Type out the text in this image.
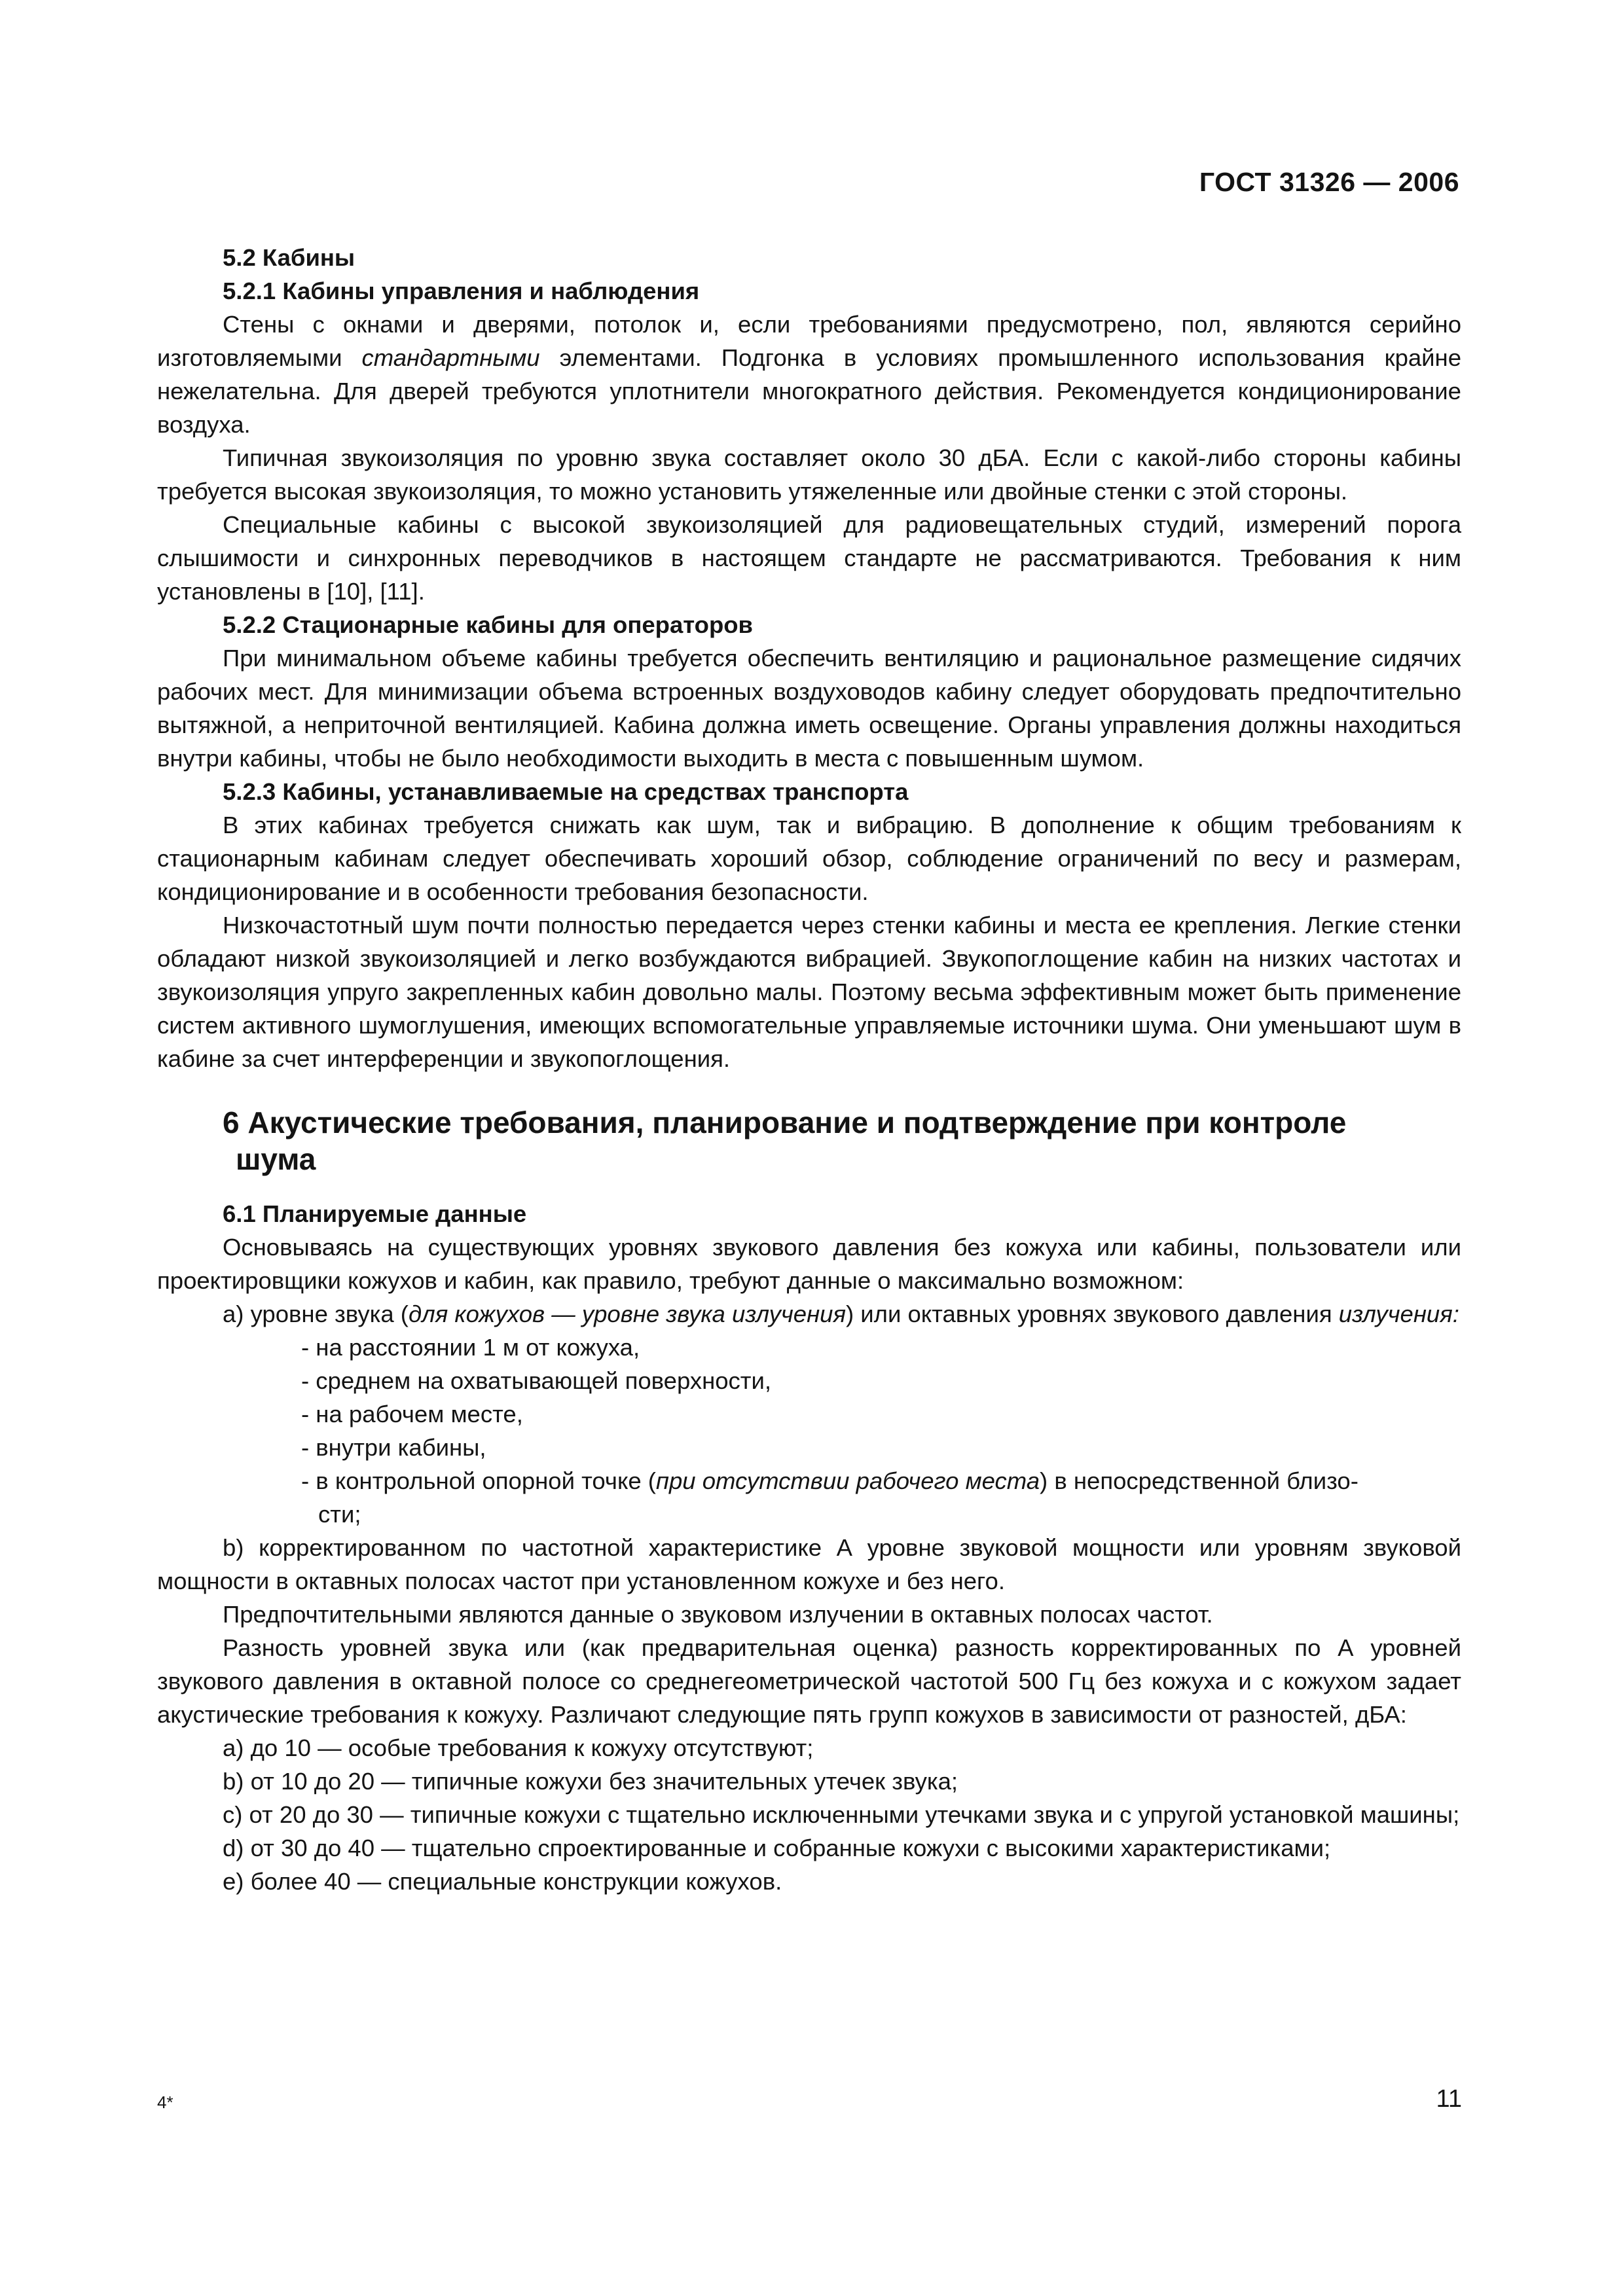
ГОСТ 31326 — 2006
5.2 Кабины
5.2.1 Кабины управления и наблюдения
Стены с окнами и дверями, потолок и, если требованиями предусмотрено, пол, являются серийно изготовляемыми стандартными элементами. Подгонка в условиях промышленного использования крайне нежелательна. Для дверей требуются уплотнители многократного действия. Рекомендуется кондиционирование воздуха.
Типичная звукоизоляция по уровню звука составляет около 30 дБА. Если с какой-либо стороны кабины требуется высокая звукоизоляция, то можно установить утяжеленные или двойные стенки с этой стороны.
Специальные кабины с высокой звукоизоляцией для радиовещательных студий, измерений порога слышимости и синхронных переводчиков в настоящем стандарте не рассматриваются. Требования к ним установлены в [10], [11].
5.2.2 Стационарные кабины для операторов
При минимальном объеме кабины требуется обеспечить вентиляцию и рациональное размещение сидячих рабочих мест. Для минимизации объема встроенных воздуховодов кабину следует оборудовать предпочтительно вытяжной, а неприточной вентиляцией. Кабина должна иметь освещение. Органы управления должны находиться внутри кабины, чтобы не было необходимости выходить в места с повышенным шумом.
5.2.3 Кабины, устанавливаемые на средствах транспорта
В этих кабинах требуется снижать как шум, так и вибрацию. В дополнение к общим требованиям к стационарным кабинам следует обеспечивать хороший обзор, соблюдение ограничений по весу и размерам, кондиционирование и в особенности требования безопасности.
Низкочастотный шум почти полностью передается через стенки кабины и места ее крепления. Легкие стенки обладают низкой звукоизоляцией и легко возбуждаются вибрацией. Звукопоглощение кабин на низких частотах и звукоизоляция упруго закрепленных кабин довольно малы. Поэтому весьма эффективным может быть применение систем активного шумоглушения, имеющих вспомогательные управляемые источники шума. Они уменьшают шум в кабине за счет интерференции и звукопоглощения.
6 Акустические требования, планирование и подтверждение при контроле
шума
6.1 Планируемые данные
Основываясь на существующих уровнях звукового давления без кожуха или кабины, пользователи или проектировщики кожухов и кабин, как правило, требуют данные о максимально возможном:
а) уровне звука (для кожухов — уровне звука излучения) или октавных уровнях звукового давления излучения:
- на расстоянии 1 м от кожуха,
- среднем на охватывающей поверхности,
- на рабочем месте,
- внутри кабины,
- в контрольной опорной точке (при отсутствии рабочего места) в непосредственной близо-
сти;
b) корректированном по частотной характеристике А уровне звуковой мощности или уровням звуковой мощности в октавных полосах частот при установленном кожухе и без него.
Предпочтительными являются данные о звуковом излучении в октавных полосах частот.
Разность уровней звука или (как предварительная оценка) разность корректированных по А уровней звукового давления в октавной полосе со среднегеометрической частотой 500 Гц без кожуха и с кожухом задает акустические требования к кожуху. Различают следующие пять групп кожухов в зависимости от разностей, дБА:
а) до 10 — особые требования к кожуху отсутствуют;
b) от 10 до 20 — типичные кожухи без значительных утечек звука;
с) от 20 до 30 — типичные кожухи с тщательно исключенными утечками звука и с упругой установкой машины;
d) от 30 до 40 — тщательно спроектированные и собранные кожухи с высокими характеристиками;
е) более 40 — специальные конструкции кожухов.
4*	11
